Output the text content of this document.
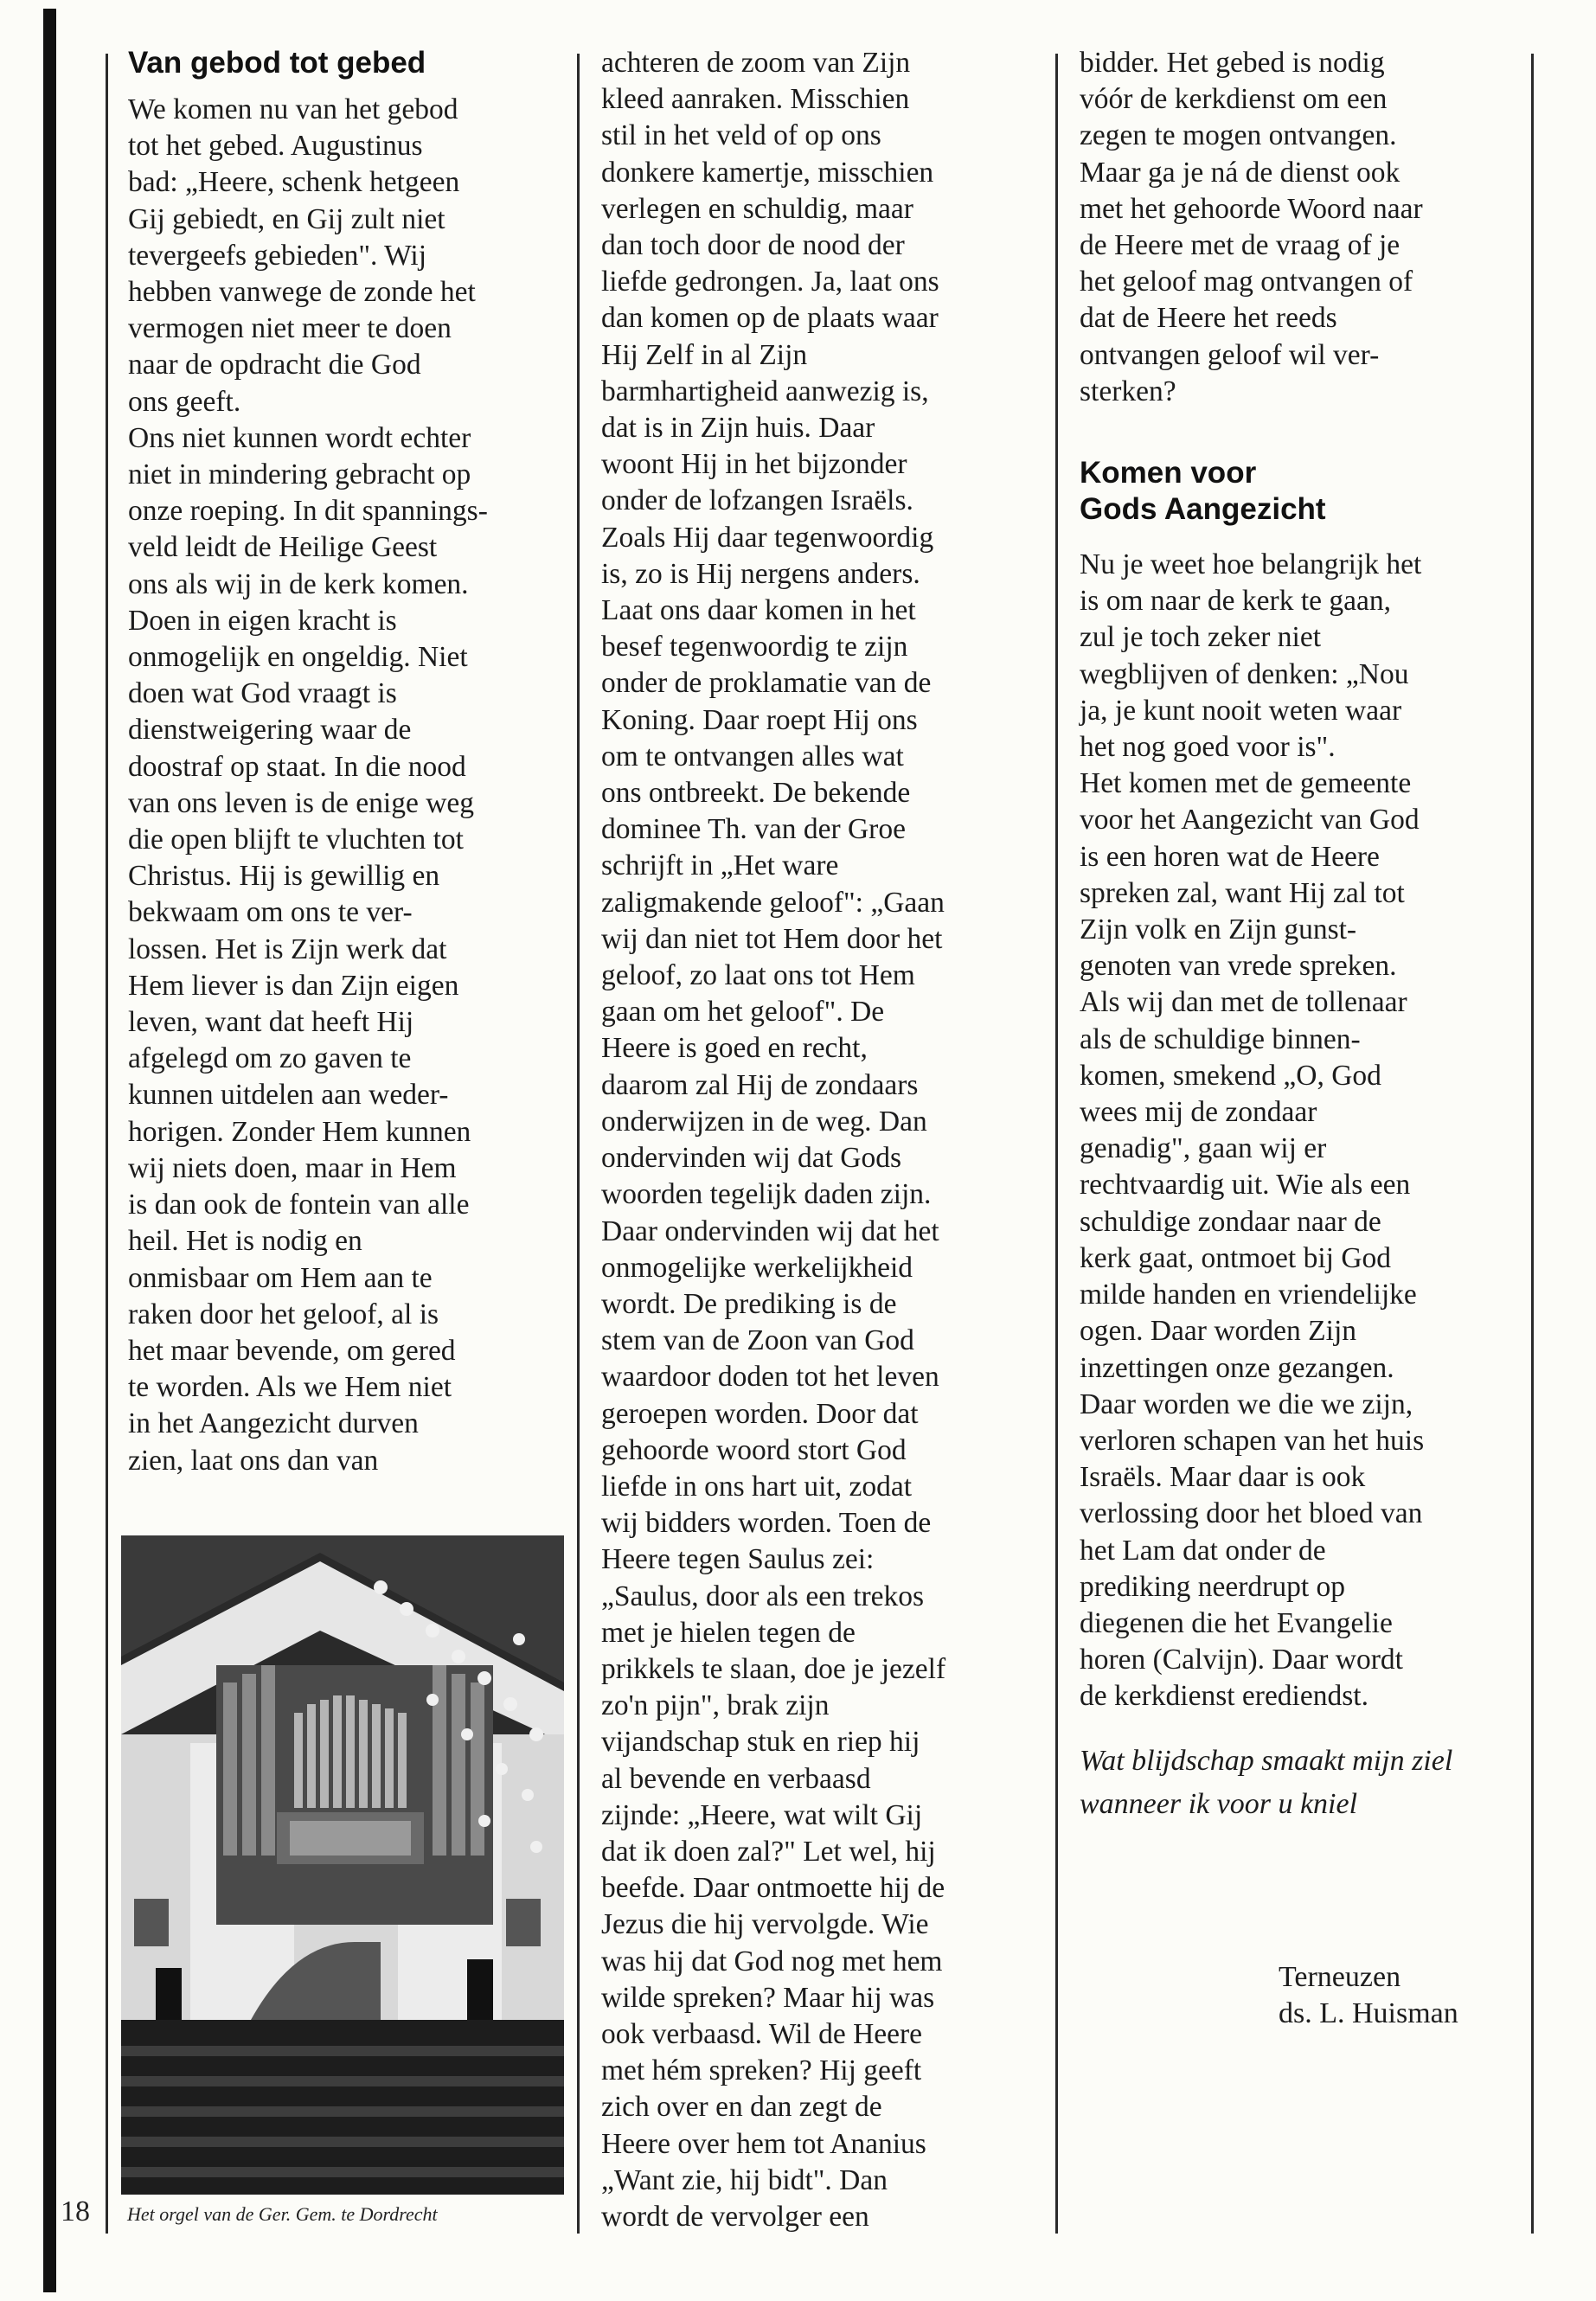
Van gebod tot gebed
We komen nu van het gebod
tot het gebed. Augustinus
bad: „Heere, schenk hetgeen
Gij gebiedt, en Gij zult niet
tevergeefs gebieden". Wij
hebben vanwege de zonde het
vermogen niet meer te doen
naar de opdracht die God
ons geeft.
Ons niet kunnen wordt echter
niet in mindering gebracht op
onze roeping. In dit spannings-
veld leidt de Heilige Geest
ons als wij in de kerk komen.
Doen in eigen kracht is
onmogelijk en ongeldig. Niet
doen wat God vraagt is
dienstweigering waar de
doostraf op staat. In die nood
van ons leven is de enige weg
die open blijft te vluchten tot
Christus. Hij is gewillig en
bekwaam om ons te ver-
lossen. Het is Zijn werk dat
Hem liever is dan Zijn eigen
leven, want dat heeft Hij
afgelegd om zo gaven te
kunnen uitdelen aan weder-
horigen. Zonder Hem kunnen
wij niets doen, maar in Hem
is dan ook de fontein van alle
heil. Het is nodig en
onmisbaar om Hem aan te
raken door het geloof, al is
het maar bevende, om gered
te worden. Als we Hem niet
in het Aangezicht durven
zien, laat ons dan van
Het orgel van de Ger. Gem. te Dordrecht
18
achteren de zoom van Zijn
kleed aanraken. Misschien
stil in het veld of op ons
donkere kamertje, misschien
verlegen en schuldig, maar
dan toch door de nood der
liefde gedrongen. Ja, laat ons
dan komen op de plaats waar
Hij Zelf in al Zijn
barmhartigheid aanwezig is,
dat is in Zijn huis. Daar
woont Hij in het bijzonder
onder de lofzangen Israëls.
Zoals Hij daar tegenwoordig
is, zo is Hij nergens anders.
Laat ons daar komen in het
besef tegenwoordig te zijn
onder de proklamatie van de
Koning. Daar roept Hij ons
om te ontvangen alles wat
ons ontbreekt. De bekende
dominee Th. van der Groe
schrijft in „Het ware
zaligmakende geloof": „Gaan
wij dan niet tot Hem door het
geloof, zo laat ons tot Hem
gaan om het geloof". De
Heere is goed en recht,
daarom zal Hij de zondaars
onderwijzen in de weg. Dan
ondervinden wij dat Gods
woorden tegelijk daden zijn.
Daar ondervinden wij dat het
onmogelijke werkelijkheid
wordt. De prediking is de
stem van de Zoon van God
waardoor doden tot het leven
geroepen worden. Door dat
gehoorde woord stort God
liefde in ons hart uit, zodat
wij bidders worden. Toen de
Heere tegen Saulus zei:
„Saulus, door als een trekos
met je hielen tegen de
prikkels te slaan, doe je jezelf
zo'n pijn", brak zijn
vijandschap stuk en riep hij
al bevende en verbaasd
zijnde: „Heere, wat wilt Gij
dat ik doen zal?" Let wel, hij
beefde. Daar ontmoette hij de
Jezus die hij vervolgde. Wie
was hij dat God nog met hem
wilde spreken? Maar hij was
ook verbaasd. Wil de Heere
met hém spreken? Hij geeft
zich over en dan zegt de
Heere over hem tot Ananius
„Want zie, hij bidt". Dan
wordt de vervolger een
bidder. Het gebed is nodig
vóór de kerkdienst om een
zegen te mogen ontvangen.
Maar ga je ná de dienst ook
met het gehoorde Woord naar
de Heere met de vraag of je
het geloof mag ontvangen of
dat de Heere het reeds
ontvangen geloof wil ver-
sterken?
Komen voor
Gods Aangezicht
Nu je weet hoe belangrijk het
is om naar de kerk te gaan,
zul je toch zeker niet
wegblijven of denken: „Nou
ja, je kunt nooit weten waar
het nog goed voor is".
Het komen met de gemeente
voor het Aangezicht van God
is een horen wat de Heere
spreken zal, want Hij zal tot
Zijn volk en Zijn gunst-
genoten van vrede spreken.
Als wij dan met de tollenaar
als de schuldige binnen-
komen, smekend „O, God
wees mij de zondaar
genadig", gaan wij er
rechtvaardig uit. Wie als een
schuldige zondaar naar de
kerk gaat, ontmoet bij God
milde handen en vriendelijke
ogen. Daar worden Zijn
inzettingen onze gezangen.
Daar worden we die we zijn,
verloren schapen van het huis
Israëls. Maar daar is ook
verlossing door het bloed van
het Lam dat onder de
prediking neerdrupt op
diegenen die het Evangelie
horen (Calvijn). Daar wordt
de kerkdienst erediendst.
Wat blijdschap smaakt mijn ziel
wanneer ik voor u kniel
Terneuzen
ds. L. Huisman
